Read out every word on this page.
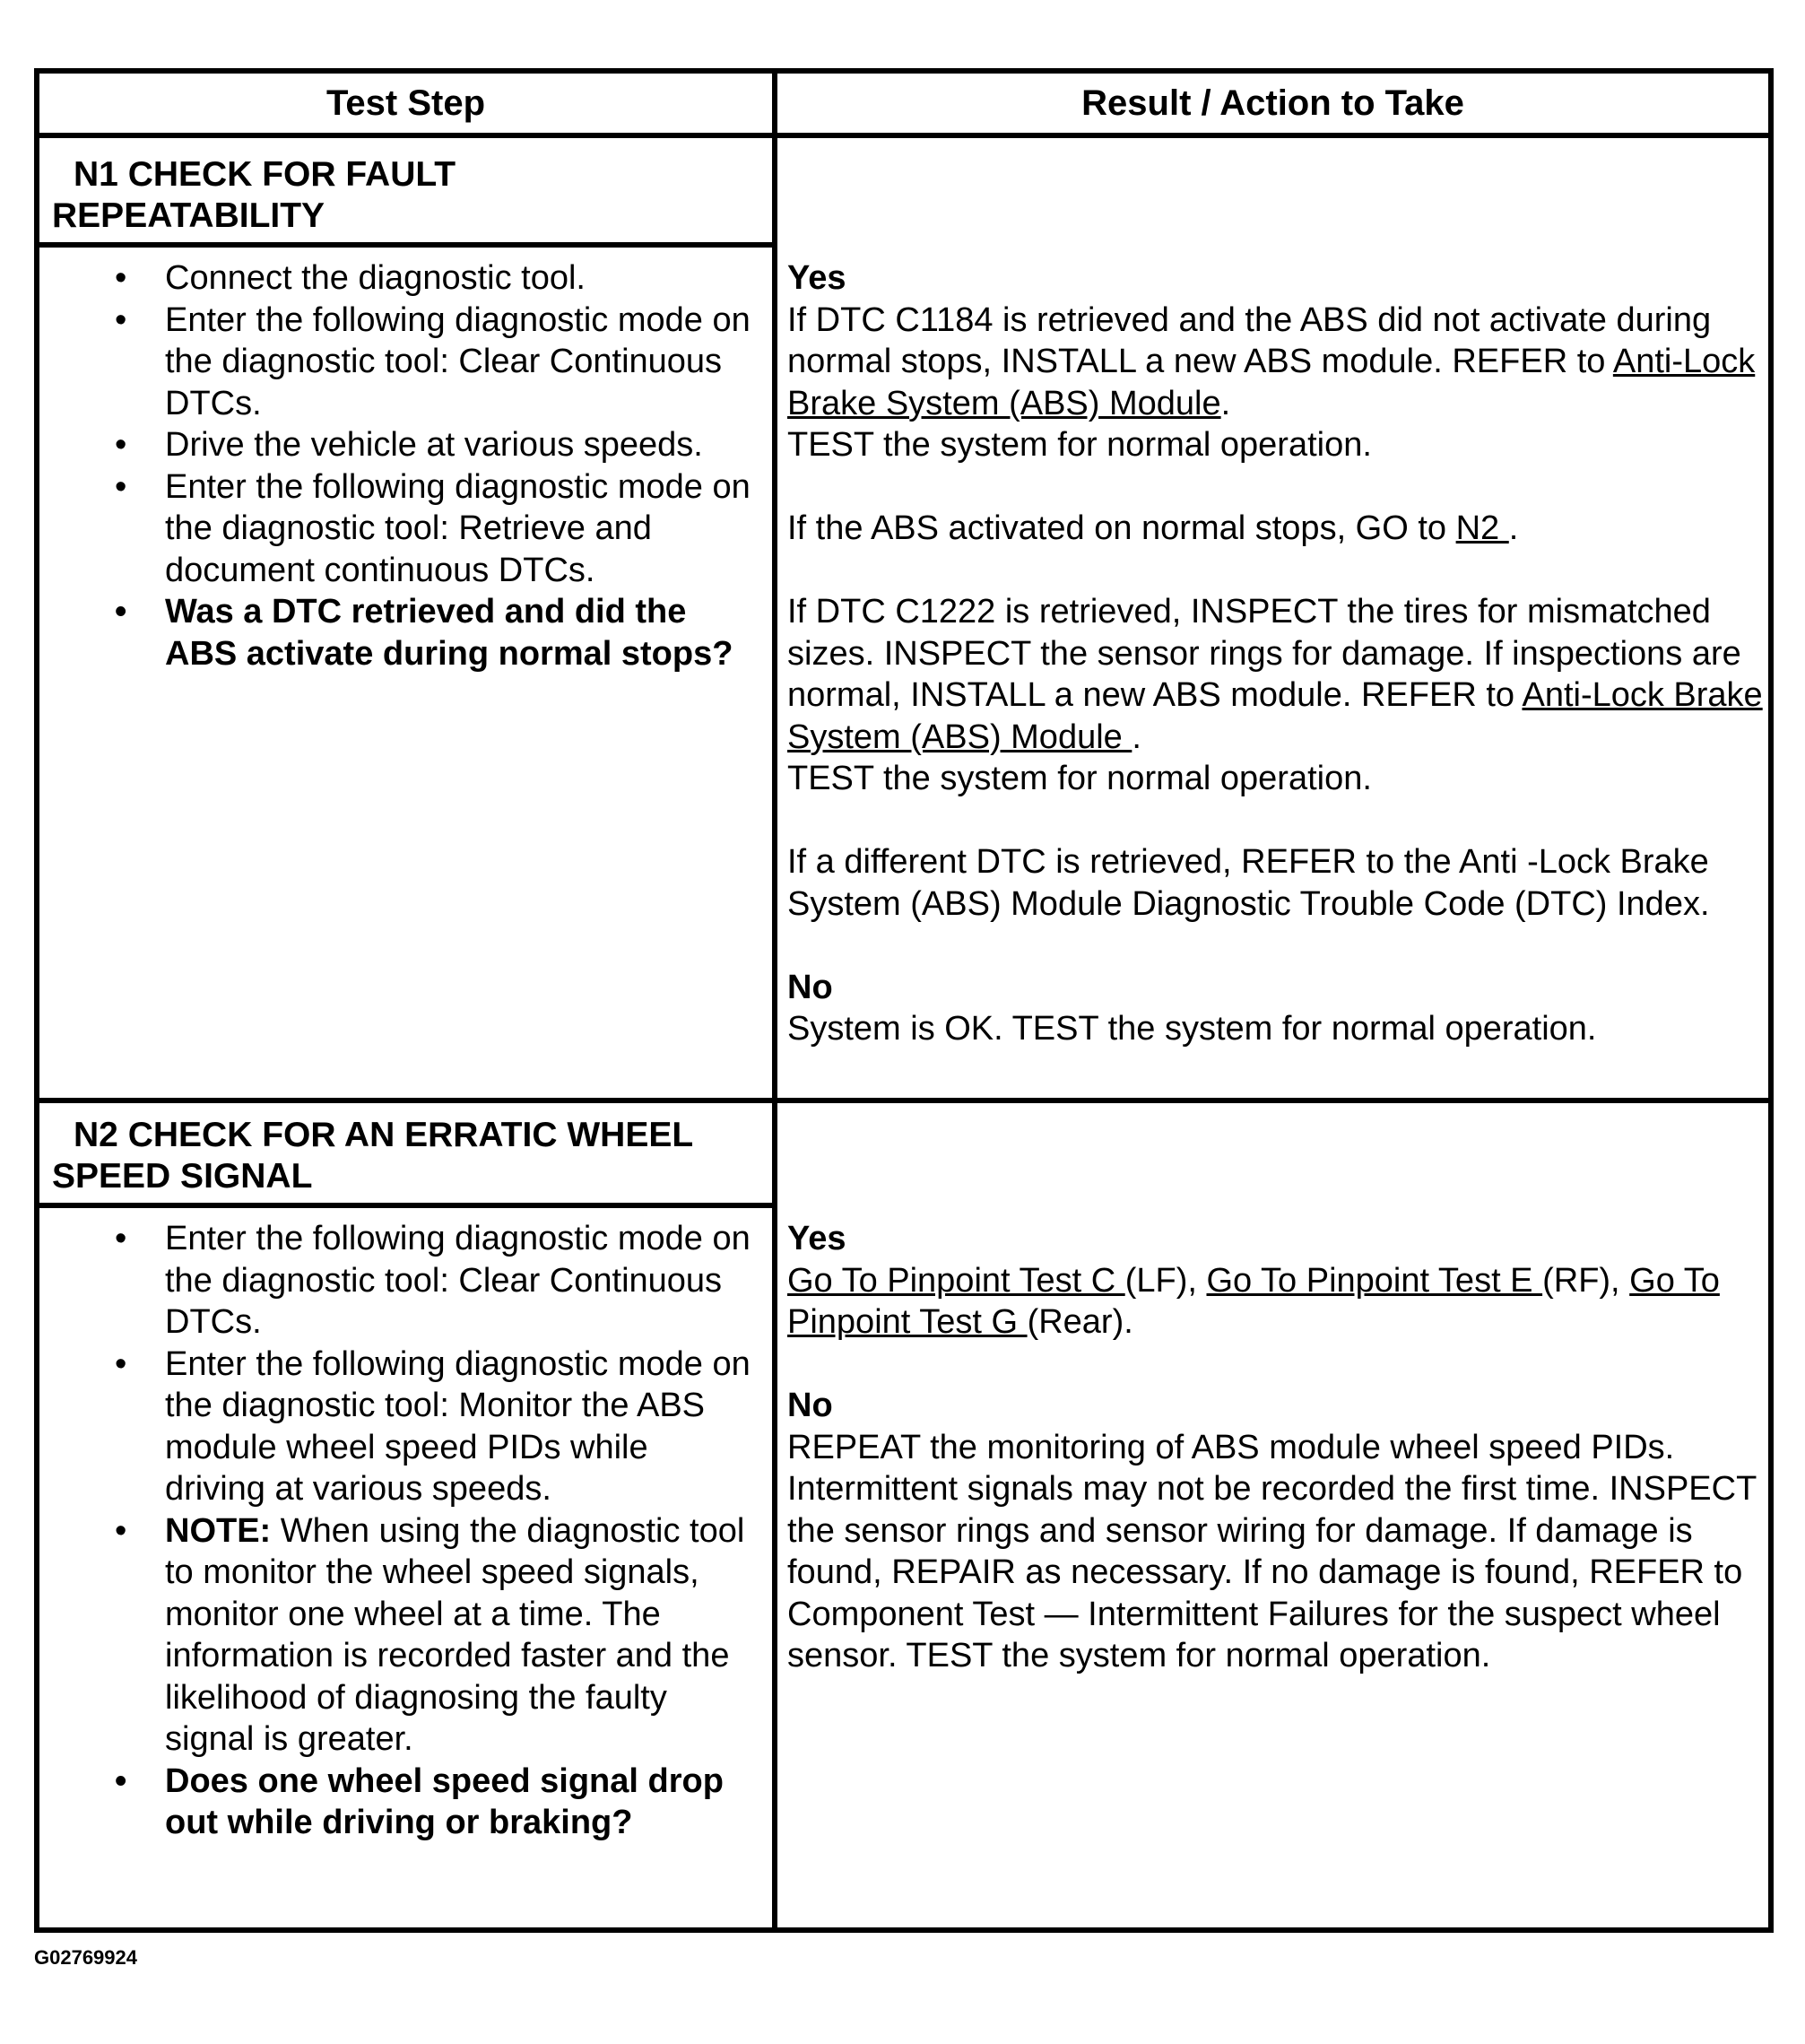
Test Step	Result / Action to Take
N1 CHECK FOR FAULT
REPEATABILITY
• Connect the diagnostic tool.
• Enter the following diagnostic mode on the diagnostic tool: Clear Continuous DTCs.
• Drive the vehicle at various speeds.
• Enter the following diagnostic mode on the diagnostic tool: Retrieve and document continuous DTCs.
• Was a DTC retrieved and did the ABS activate during normal stops?

Yes

If DTC C1184 is retrieved and the ABS did not activate during normal stops, INSTALL a new ABS module. REFER to Anti-Lock Brake System (ABS) Module.

TEST the system for normal operation.

If the ABS activated on normal stops, GO to N2 .

If DTC C1222 is retrieved, INSPECT the tires for mismatched sizes. INSPECT the sensor rings for damage. If inspections are normal, INSTALL a new ABS module. REFER to Anti-Lock Brake System (ABS) Module .

TEST the system for normal operation.

If a different DTC is retrieved, REFER to the Anti -Lock Brake System (ABS) Module Diagnostic Trouble Code (DTC) Index.

No

System is OK. TEST the system for normal operation.

N2 CHECK FOR AN ERRATIC WHEEL
SPEED SIGNAL
• Enter the following diagnostic mode on the diagnostic tool: Clear Continuous DTCs.
• Enter the following diagnostic mode on the diagnostic tool: Monitor the ABS module wheel speed PIDs while driving at various speeds.
• NOTE: When using the diagnostic tool to monitor the wheel speed signals, monitor one wheel at a time. The information is recorded faster and the likelihood of diagnosing the faulty signal is greater.
• Does one wheel speed signal drop out while driving or braking?

Yes

Go To Pinpoint Test C (LF), Go To Pinpoint Test E (RF), Go To Pinpoint Test G (Rear).

No

REPEAT the monitoring of ABS module wheel speed PIDs. Intermittent signals may not be recorded the first time. INSPECT the sensor rings and sensor wiring for damage. If damage is found, REPAIR as necessary. If no damage is found, REFER to Component Test — Intermittent Failures for the suspect wheel sensor. TEST the system for normal operation.

G02769924
